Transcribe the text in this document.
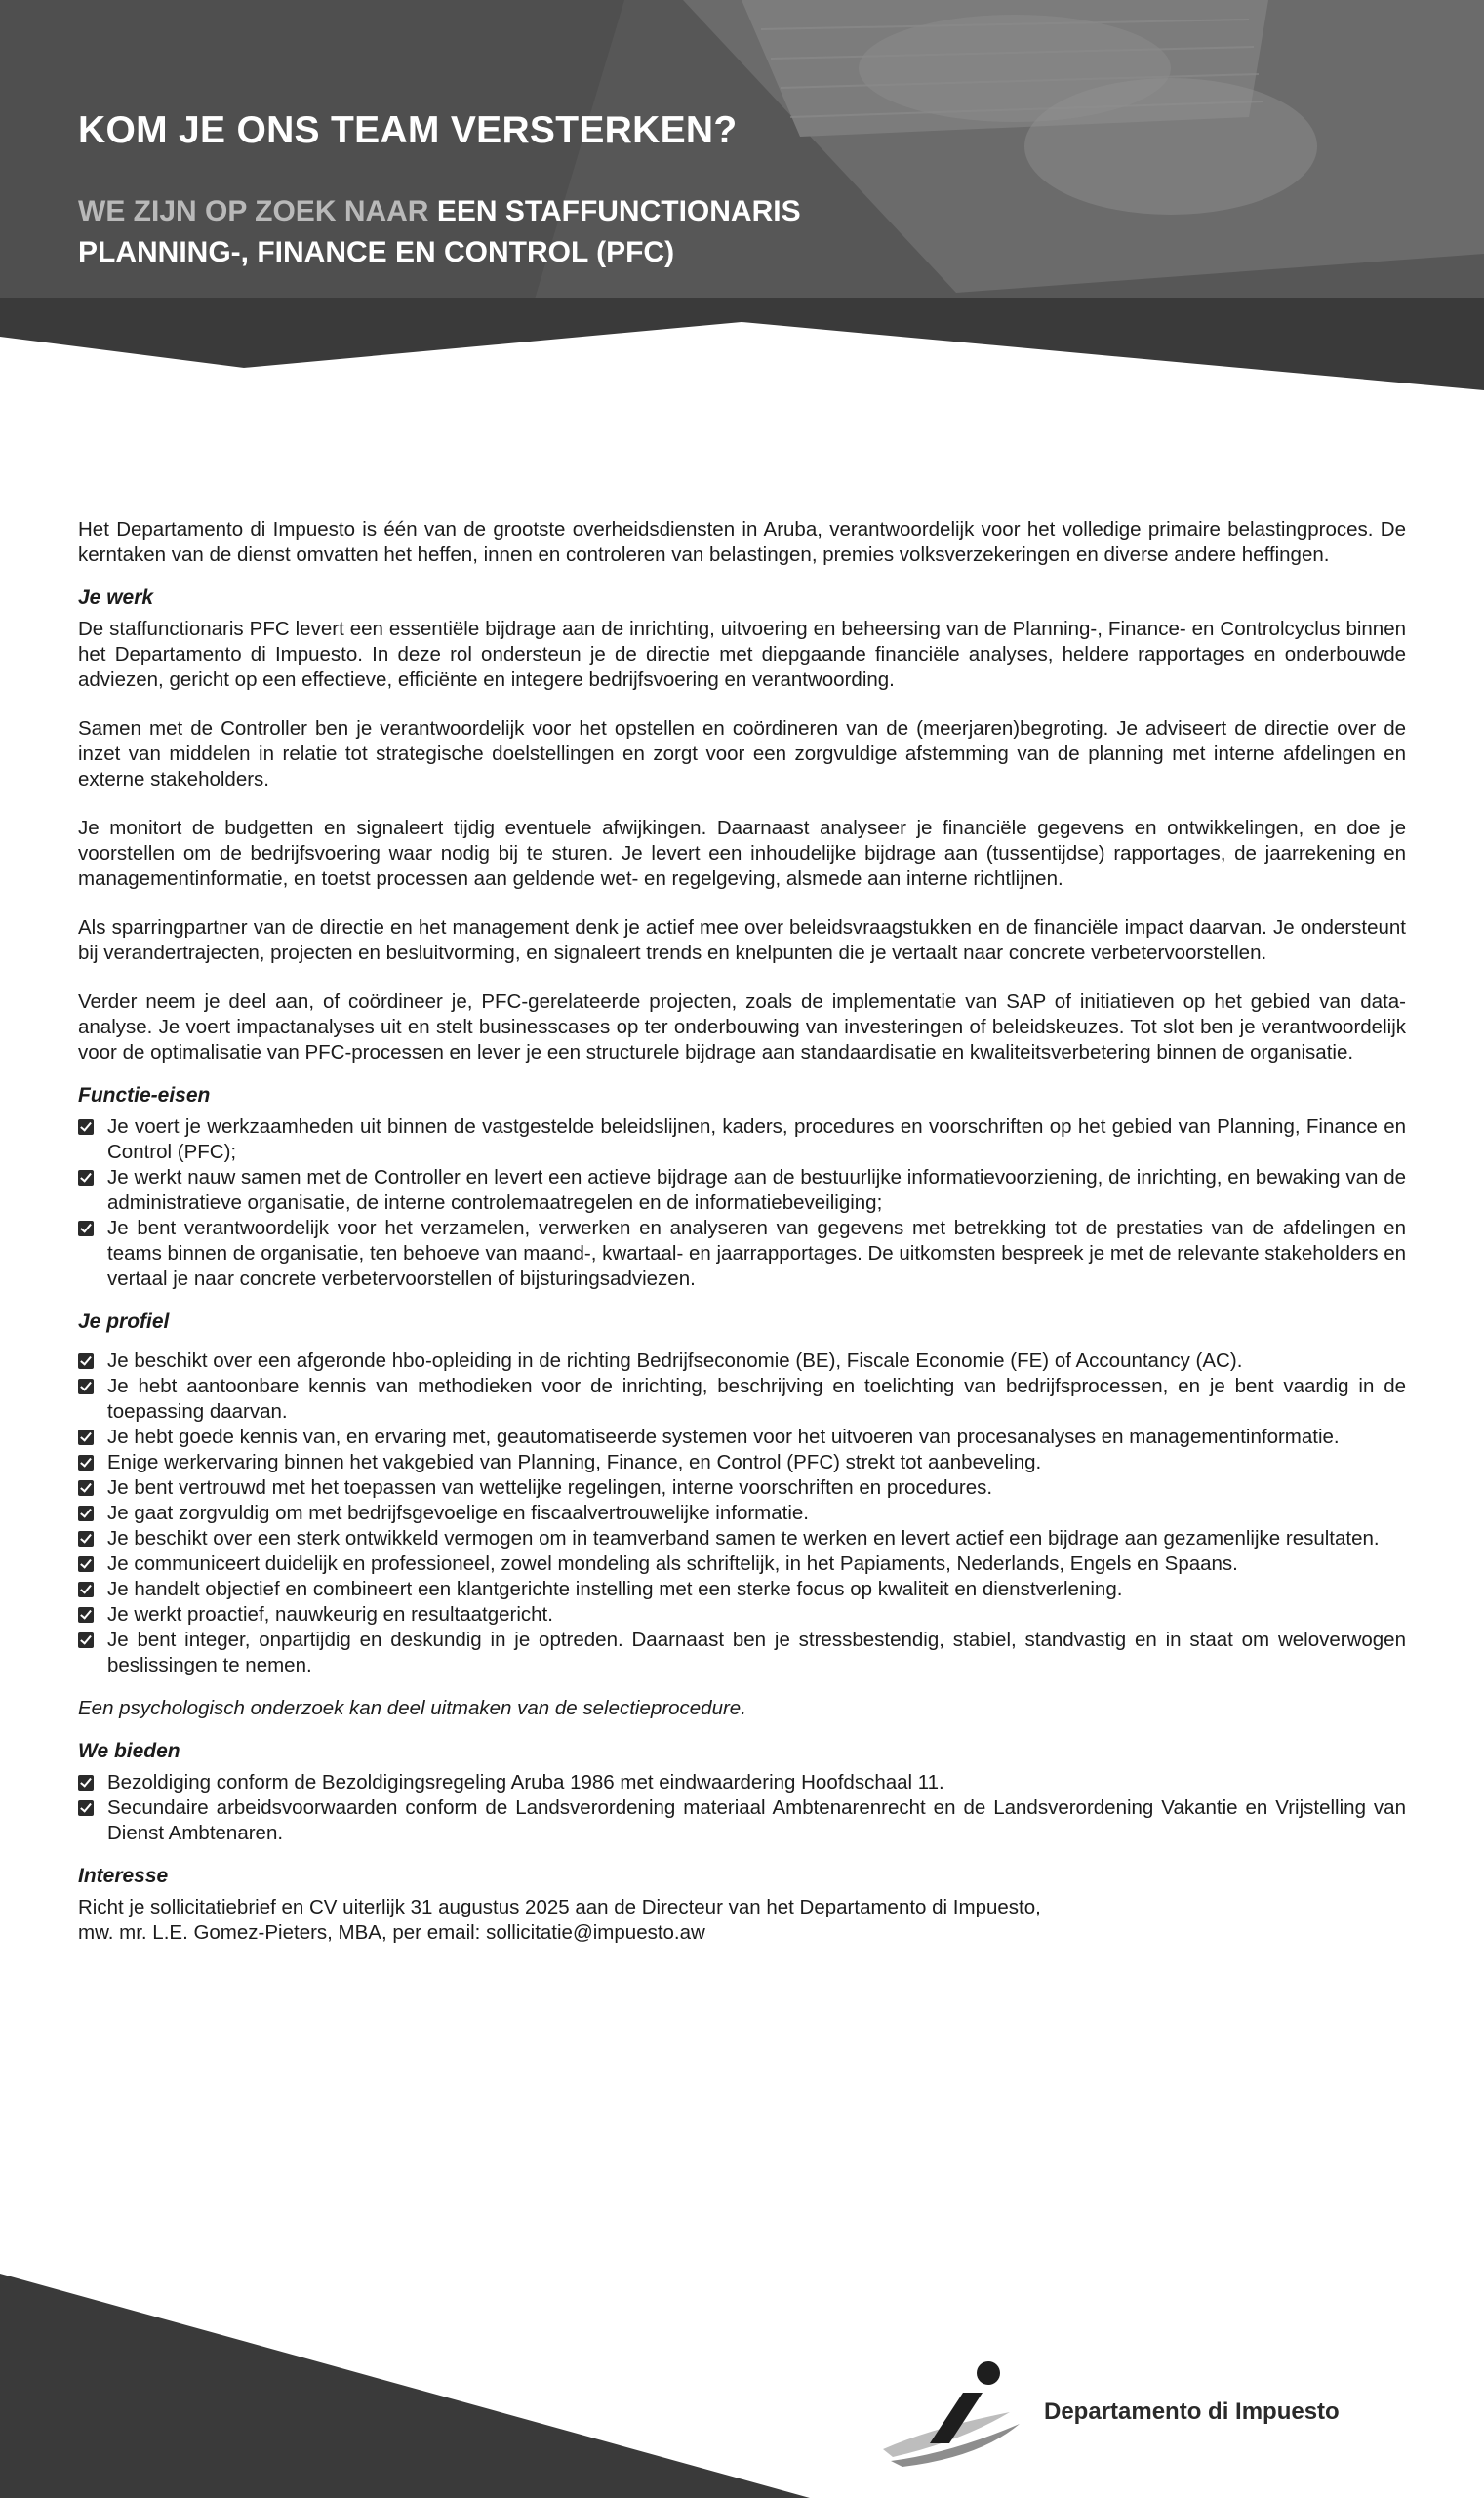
KOM JE ONS TEAM VERSTERKEN?
WE ZIJN OP ZOEK NAAR EEN STAFFUNCTIONARIS PLANNING-, FINANCE EN CONTROL (PFC)

Het Departamento di Impuesto is één van de grootste overheidsdiensten in Aruba, verantwoordelijk voor het volledige primaire belastingproces. De kerntaken van de dienst omvatten het heffen, innen en controleren van belastingen, premies volksverzekeringen en diverse andere heffingen.

Je werk

De staffunctionaris PFC levert een essentiële bijdrage aan de inrichting, uitvoering en beheersing van de Planning-, Finance- en Controlcyclus binnen het Departamento di Impuesto. In deze rol ondersteun je de directie met diepgaande financiële analyses, heldere rapportages en onderbouwde adviezen, gericht op een effectieve, efficiënte en integere bedrijfsvoering en verantwoording.

Samen met de Controller ben je verantwoordelijk voor het opstellen en coördineren van de (meerjaren)begroting. Je adviseert de directie over de inzet van middelen in relatie tot strategische doelstellingen en zorgt voor een zorgvuldige afstemming van de planning met interne afdelingen en externe stakeholders.

Je monitort de budgetten en signaleert tijdig eventuele afwijkingen. Daarnaast analyseer je financiële gegevens en ontwikkelingen, en doe je voorstellen om de bedrijfsvoering waar nodig bij te sturen. Je levert een inhoudelijke bijdrage aan (tussentijdse) rapportages, de jaarrekening en managementinformatie, en toetst processen aan geldende wet- en regelgeving, alsmede aan interne richtlijnen.

Als sparringpartner van de directie en het management denk je actief mee over beleidsvraagstukken en de financiële impact daarvan. Je ondersteunt bij verandertrajecten, projecten en besluitvorming, en signaleert trends en knelpunten die je vertaalt naar concrete verbetervoorstellen.

Verder neem je deel aan, of coördineer je, PFC-gerelateerde projecten, zoals de implementatie van SAP of initiatieven op het gebied van data-analyse. Je voert impactanalyses uit en stelt businesscases op ter onderbouwing van investeringen of beleidskeuzes. Tot slot ben je verantwoordelijk voor de optimalisatie van PFC-processen en lever je een structurele bijdrage aan standaardisatie en kwaliteitsverbetering binnen de organisatie.

Functie-eisen
Je voert je werkzaamheden uit binnen de vastgestelde beleidslijnen, kaders, procedures en voorschriften op het gebied van Planning, Finance en Control (PFC);
Je werkt nauw samen met de Controller en levert een actieve bijdrage aan de bestuurlijke informatievoorziening, de inrichting, en bewaking van de administratieve organisatie, de interne controlemaatregelen en de informatiebeveiliging;
Je bent verantwoordelijk voor het verzamelen, verwerken en analyseren van gegevens met betrekking tot de prestaties van de afdelingen en teams binnen de organisatie, ten behoeve van maand-, kwartaal- en jaarrapportages. De uitkomsten bespreek je met de relevante stakeholders en vertaal je naar concrete verbetervoorstellen of bijsturingsadviezen.
Je profiel
Je beschikt over een afgeronde hbo-opleiding in de richting Bedrijfseconomie (BE), Fiscale Economie (FE) of Accountancy (AC).
Je hebt aantoonbare kennis van methodieken voor de inrichting, beschrijving en toelichting van bedrijfsprocessen, en je bent vaardig in de toepassing daarvan.
Je hebt goede kennis van, en ervaring met, geautomatiseerde systemen voor het uitvoeren van procesanalyses en managementinformatie.
Enige werkervaring binnen het vakgebied van Planning, Finance, en Control (PFC) strekt tot aanbeveling.
Je bent vertrouwd met het toepassen van wettelijke regelingen, interne voorschriften en procedures.
Je gaat zorgvuldig om met bedrijfsgevoelige en fiscaalvertrouwelijke informatie.
Je beschikt over een sterk ontwikkeld vermogen om in teamverband samen te werken en levert actief een bijdrage aan gezamenlijke resultaten.
Je communiceert duidelijk en professioneel, zowel mondeling als schriftelijk, in het Papiaments, Nederlands, Engels en Spaans.
Je handelt objectief en combineert een klantgerichte instelling met een sterke focus op kwaliteit en dienstverlening.
Je werkt proactief, nauwkeurig en resultaatgericht.
Je bent integer, onpartijdig en deskundig in je optreden. Daarnaast ben je stressbestendig, stabiel, standvastig en in staat om weloverwogen beslissingen te nemen.

Een psychologisch onderzoek kan deel uitmaken van de selectieprocedure.

We bieden
Bezoldiging conform de Bezoldigingsregeling Aruba 1986 met eindwaardering Hoofdschaal 11.
Secundaire arbeidsvoorwaarden conform de Landsverordening materiaal Ambtenarenrecht en de Landsverordening Vakantie en Vrijstelling van Dienst Ambtenaren.
Interesse

Richt je sollicitatiebrief en CV uiterlijk 31 augustus 2025 aan de Directeur van het Departamento di Impuesto,

mw. mr. L.E. Gomez-Pieters, MBA, per email: sollicitatie@impuesto.aw

Departamento di Impuesto
